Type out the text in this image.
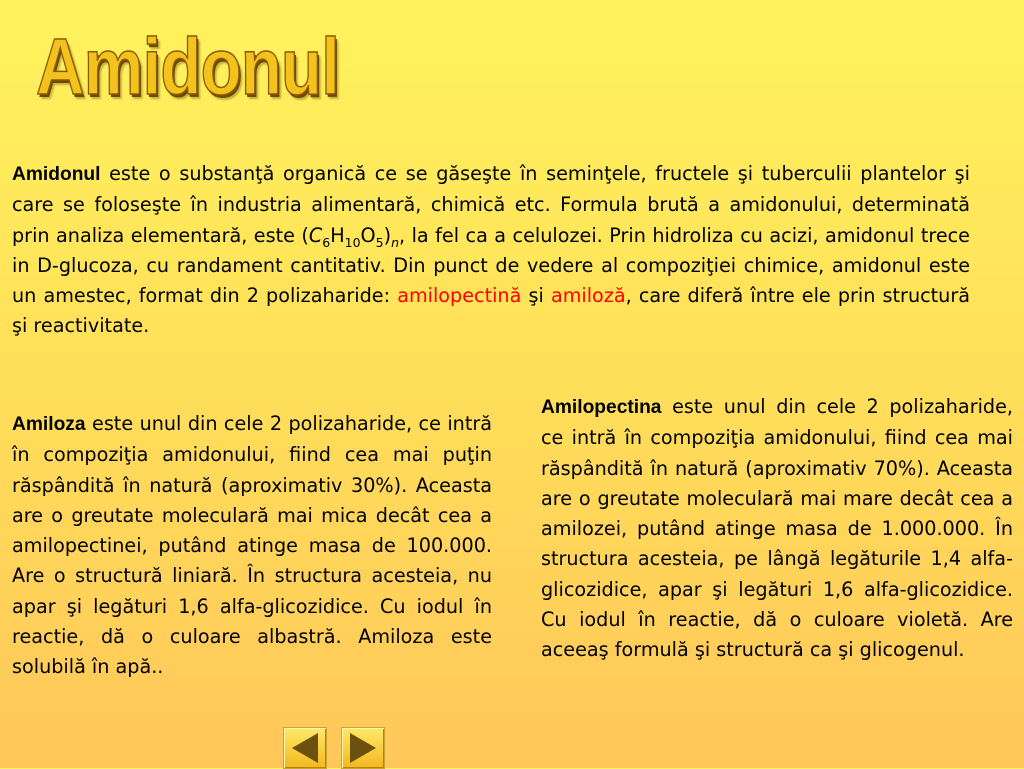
Amidonul

Amidonul este o substanţă organică ce se găseşte în seminţele, fructele şi tuberculii plantelor şi care se foloseşte în industria alimentară, chimică etc. Formula brută a amidonului, determinată prin analiza elementară, este $(C_6H_{10}O_5)_n$, la fel ca a celulozei. Prin hidroliza cu acizi, amidonul trece in D-glucoza, cu randament cantitativ. Din punct de vedere al compoziţiei chimice, amidonul este un amestec, format din 2 polizaharide: amilopectină şi amiloză, care diferă între ele prin structură şi reactivitate.

Amiloza este unul din cele 2 polizaharide, ce intră în compoziţia amidonului, fiind cea mai puţin răspândită în natură (aproximativ 30%). Aceasta are o greutate moleculară mai mica decât cea a amilopectinei, putând atinge masa de 100.000. Are o structură liniară. În structura acesteia, nu apar şi legături 1,6 alfa-glicozidice. Cu iodul în reactie, dă o culoare albastră. Amiloza este solubilă în apă..

Amilopectina este unul din cele 2 polizaharide, ce intră în compoziţia amidonului, fiind cea mai răspândită în natură (aproximativ 70%). Aceasta are o greutate moleculară mai mare decât cea a amilozei, putând atinge masa de 1.000.000. În structura acesteia, pe lângă legăturile 1,4 alfa-glicozidice, apar şi legături 1,6 alfa-glicozidice. Cu iodul în reactie, dă o culoare violetă. Are aceeaş formulă şi structură ca şi glicogenul.
